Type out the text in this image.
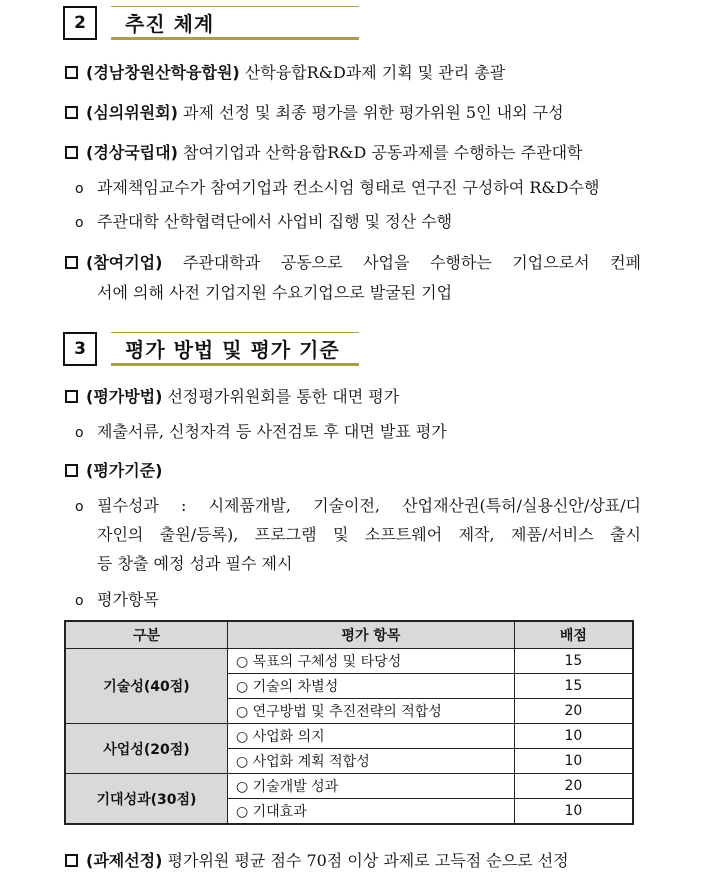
2	추진 체계
(경남창원산학융합원) 산학융합R&D과제 기획 및 관리 총괄
(심의위원회) 과제 선정 및 최종 평가를 위한 평가위원 5인 내외 구성
(경상국립대) 참여기업과 산학융합R&D 공동과제를 수행하는 주관대학
o 과제책임교수가 참여기업과 컨소시엄 형태로 연구진 구성하여 R&D수행
o 주관대학 산학협력단에서 사업비 집행 및 정산 수행
(참여기업) 주관대학과 공동으로 사업을 수행하는 기업으로서 컨페
서에 의해 사전 기업지원 수요기업으로 발굴된 기업
3	평가 방법 및 평가 기준
(평가방법) 선정평가위원회를 통한 대면 평가
o 제출서류, 신청자격 등 사전검토 후 대면 발표 평가
(평가기준)
o 필수성과 : 시제품개발, 기술이전, 산업재산권(특허/실용신안/상표/디
자인의 출원/등록), 프로그램 및 소프트웨어 제작, 제품/서비스 출시
등 창출 예정 성과 필수 제시
o 평가항목
구분	평가 항목	배점
기술성(40점)	○ 목표의 구체성 및 타당성	15
	○ 기술의 차별성	15
	○ 연구방법 및 추진전략의 적합성	20
사업성(20점)	○ 사업화 의지	10
	○ 사업화 계획 적합성	10
기대성과(30점)	○ 기술개발 성과	20
	○ 기대효과	10
(과제선정) 평가위원 평균 점수 70점 이상 과제로 고득점 순으로 선정
